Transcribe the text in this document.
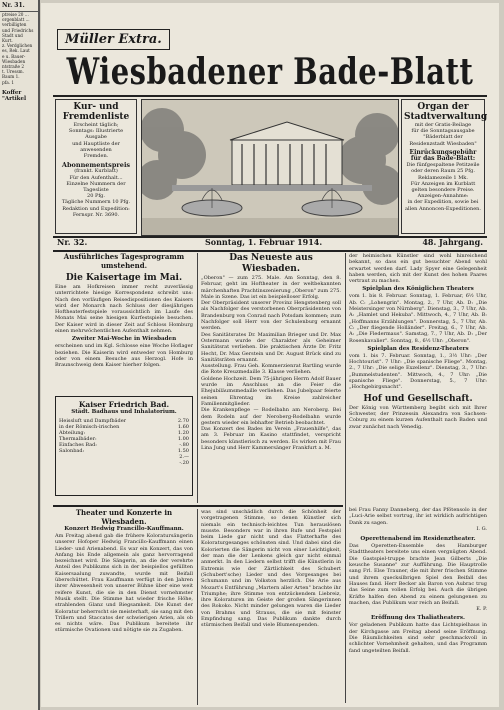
Nr. 31.
ptreise 20 ...
orgenblatt ...
verbilligten
und Friedrichs
Stadt und
Kurt.
z. Verdglichen
es, Rek. Laut
e u. Bauer-
Wiesbaden
ntstraße 2
t. Uressm.
Baum 1.
pfa. 1
Koffer "Artikel
Müller Extra.
Wiesbadener Bade-Blatt
Kur- und Fremdenliste
Erscheint täglich;
Sonntags: Illustrierte Ausgabe
und Hauptliste der anwesenden
Fremden.
Abonnementspreis
(frankt. Kurblatt)
Für den Aufenthalt...
Einzelne Nummern der Tagesliste
20 Pfg.
Tägliche Nummern 10 Pfg.
Redaktion und Expedition:
Fernspr. Nr. 3690.
Organ der Stadtverwaltung
mit der Gratis-Beilage
für die Sonntagsausgabe
"Bäderblatt der
Residenzstadt Wiesbaden"
Einrückungsgebühr für das Bade-Blatt:
Die fünfgespaltene Petitzeile
oder deren Raum 25 Pfg.
Reklamezeile 1 Mk.
Für Anzeigen im Kurblatt
gelten besondere Preise.
Anzeigen-Annahme:
in der Expedition, sowie bei
allen Annoncen-Expeditionen.
Nr. 32.	Sonntag, 1. Februar 1914.	48. Jahrgang.

Ausführliches Tagesprogramm umstehend.

Die Kaisertage im Mai.

Eine am Hofkreisen immer recht zuverlässig unterrichtete hiesige Korrespondenz schreibt uns: Nach den vorläufigen Reisedispositionen des Kaisers wird der Monarch nach Schluss der diesjährigen Hoftheaterfestspiele voraussichtlich im Laufe des Monats Mai seine hiesigen Kurfestspiele besuchen. Der Kaiser wird in dieser Zeit auf Schloss Homburg einen mehrwöchentlichen Aufenthalt nehmen.

Zweiter Mai-Woche in Wiesbaden

erscheinen und im Kgl. Schlosse eine Woche Hoflager beziehen. Die Kaiserin wird entweder von Homburg oder von einem Besuche aus Herzogl. Hofe in Braunschweig dem Kaiser hierher folgen.

Kaiser Friedrich Bad.
Städt. Badhaus und Inhalatorium.
Heissluft und Dampfbäder
in der Römisch-irischen
Abteilung:
Thermalbäder:
Einfaches Bad:
Salonbad:
2.70
1.60
1.20
1.00
-.80
1.50
2.—
-.20

Das Neueste aus Wiesbaden.

„Oberon" — zum 275. Male. Am Sonntag, den 8. Februar, geht im Hoftheater in der weltbekannten märchenhaften Prachtinszenierung „Oberon" zum 275. Male in Szene. Das ist ein beispielloser Erfolg.

Der Oberpräsident unserer Provinz Hengstenberg soll als Nachfolger des verstorbenen Oberpräsidenten von Brandenburg von Conrad nach Potsdam kommen; zum Nachfolger soll Herr von der Schulenburg ernannt werden.

Des Sanitätsrates Dr. Maximilian Brieger und Dr. Max Ostermann wurde der Charakter als Geheimer Sanitätsrat verliehen. Die praktischen Ärzte Dr. Fritz Hecht, Dr. Max Gerstein und Dr. August Brück sind zu Sanitätsräten ernannt.

Ausstellung. Frau Geh. Kommerzienrat Bartling wurde die Rote Kreuzmedaille 3. Klasse verliehen.

Goldene Hochzeit. Dem 75-jährigen Herrn Adolf Bauer wurde im Anschluss an die Feier die Ehejubiläumsmedaille verliehen. Das Jubelpaar feierte seinen Ehrentag im Kreise zahlreicher Familienmitglieder.

Die Krankenpflege — Rodelbahn am Neroberg. Bei dem Rodeln auf der Neroberg-Rodelbahn wurde gestern wieder ein lebhafter Betrieb beobachtet.

Das Konzert des Bades im Verein „Frauenhilfe", das am 3. Februar im Kasino stattfindet, verspricht besonders künstlerisch zu werden. Es wirken mit Frau Lina Jung und Herr Kammersänger Frankfurt a. M.

der heimischen Künstler sind wohl hinreichend bekannt, so dass ein gut besuchter Abend wohl erwartet werden darf. Lady Spyer eine Gelegenheit haben werden, sich mit der Kunst des hohen Paares vertraut zu machen.

Spielplan des Königlichen Theaters

vom 1. bis 8. Februar. Sonntag, 1. Februar, 6½ Uhr, Ab. C: „Lohengrin". Montag, 2., 7 Uhr, Ab. D: „Die Meistersinger von Nürnberg". Dienstag, 3., 7 Uhr, Ab. A: „Hamlet und Hekuba". Mittwoch, 4., 7 Uhr, Ab. B: „Hoffmanns Erzählungen". Donnerstag, 5., 7 Uhr, Ab. C: „Der fliegende Holländer". Freitag, 6., 7 Uhr, Ab. A: „Die Fledermaus". Samstag, 7., 7 Uhr, Ab. D: „Der Rosenkavalier". Sonntag, 8., 6½ Uhr: „Oberon".

Spielplan des Residenz-Theaters

vom 1. bis 7. Februar. Sonntag, 1., 3½ Uhr: „Der Hochtourist". 7 Uhr: „Die spanische Fliege". Montag, 2., 7 Uhr: „Die selige Exzellenz". Dienstag, 3., 7 Uhr: „Bummelstudenten". Mittwoch, 4., 7 Uhr: „Die spanische Fliege". Donnerstag, 5., 7 Uhr: „Hochgebirgsnacht".

Hof und Gesellschaft.

Der König von Württemberg begibt sich mit Ihrer Schwester, der Prinzessin Alexandra von Sachsen-Coburg zu einem kurzen Aufenthalt nach Baden und zwar zunächst nach Venedig.

Theater und Konzerte in Wiesbaden.

Konzert Hedwig Francillo-Kauffmann.

Am Freitag abend gab die frühere Koloratursängerin unserer Hofoper Hedwig Francillo-Kauffmann einen Lieder- und Arienabend. Es war ein Konzert, das von Anfang bis Ende allgemein als ganz hervorragend bezeichnet wird. Die Sängerin, an die der verehrte Anteil des Publikums sich in der beispiellos gefüllten Kaisersaalung zuwandte, wurde mit Beifall überschüttet. Frau Kauffmann verfügt in den Jahren ihrer Abwesenheit von unserer Bühne über eine weit reifere Kunst, die sie in den Dienst vornehmster Musik stellt. Die Stimme hat wieder frische Höhe, strahlenden Glanz und Biegsamkeit. Die Kunst der Koloratur beherrscht sie meisterhaft, sie sang mit den Trillern und Staccatos der schwierigen Arien, als ob es nichts wäre. Das Publikum bereitete ihr stürmische Ovationen und nötigte sie zu Zugaben.

was sind unschädlich durch die Schönheit der vorgetragenen Stimme, so denen Künstler sich niemals ein technisch-leichtes Tun herauslösen musste. Besonders war in ihren Rufe und Festspiel beim Liede gar nicht und das Flatterhafte des Koloraturgesanges schönsten sind. Und dabei sind die Kolorierten die Sängerin nicht von einer Leichtigkeit, der man die der Lenkens gleich gar nicht einmal anmerkt. In den Liedern selbst trifft die Künstlerin in Extremis wie der Zärtlichkeit des Schubert (Schubert'sche) Lieder und des Vorgesanges bei Schumann und im Volkston herzlich. Die Arie aus Mozart's Entführung „Martern aller Arten" brachte ihr Triumphe; ihre Stimme von entzückendem Liebreiz, ihre Koloraturen im Geiste der großen Sängerinnen des Rokoko. Nicht minder gelungen waren die Lieder von Brahms und Strauss, die sie mit feinster Empfindung sang. Das Publikum dankte durch stürmischen Beifall und viele Blumenspenden.

bei Frau Fanny Danneberg, der das Pfötensolo in der „Luci-Arie selbst vortrug, ihr ist wirklich aufrichtigen Dank zu sagen.

I. G.

Operettenabend im Residenztheater.

Das Operetten-Ensemble des Hamburger Stadttheaters bereitete uns einen vergnügten Abend. Die Gastspiel-truppe brachte Jean Gilberts „Die keusche Susanne" zur Aufführung. Die Hauptrolle sang Frl. Else Trauner, die mit ihrer frischen Stimme und ihrem quecksilbrigen Spiel den Beifall des Hauses fand. Herr Becker als Baron von Aubrac trug das Seine zum vollen Erfolg bei. Auch die übrigen Kräfte halfen den Abend zu einem gelungenen zu machen, das Publikum war reich an Beifall.

E. P.

Eröffnung des Thaliatheaters.

Vor geladenen Publikum hatte das Lichtspielhaus in der Kirchgasse am Freitag abend seine Eröffnung. Die Räumlichkeiten sind sehr geschmackvoll in schlichter Vornehmheit gehalten, und das Programm fand ungeteilten Beifall.
